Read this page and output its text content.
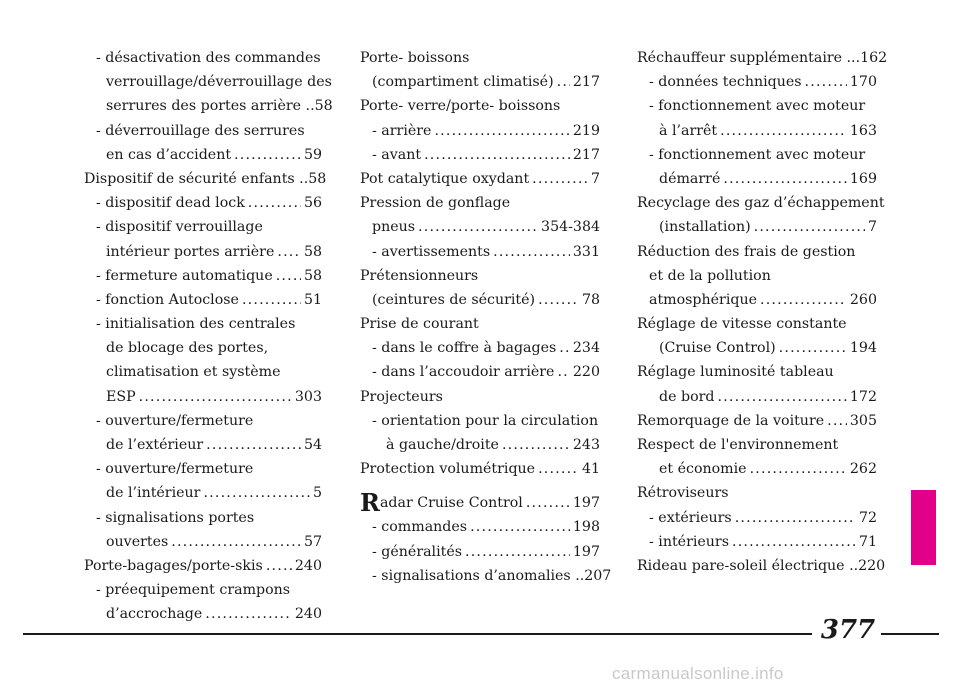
- désactivation des commandes
verrouillage/déverrouillage des
serrures des portes arrière .. 58
- déverrouillage des serrures
en cas d’accident .....	59
Dispositif de sécurité enfants .. 58
- dispositif dead lock .....	56
- dispositif verrouillage
intérieur portes arrière ..... 58
- fermeture automatique ..... 58
- fonction Autoclose .....	51
- initialisation des centrales
de blocage des portes,
climatisation et système
ESP .....	303
- ouverture/fermeture
de l’extérieur .....	54
- ouverture/fermeture
de l’intérieur .....	5
- signalisations portes
ouvertes .....	57
Porte-bagages/porte-skis ..... 240
- préequipement crampons
d’accrochage .....	240
Porte- boissons
(compartiment climatisé) ..... 217
Porte- verre/porte- boissons
- arrière .....	219
- avant .....	217
Pot catalytique oxydant .....	7
Pression de gonflage
pneus .....	354-384
- avertissements .....	331
Prétensionneurs
(ceintures de sécurité) .....	78
Prise de courant
- dans le coffre à bagages ..... 234
- dans l’accoudoir arrière ..... 220
Projecteurs
- orientation pour la circulation
à gauche/droite .....	243
Protection volumétrique .....	41
R adar Cruise Control .....	197
- commandes .....	198
- généralités .....	197
- signalisations d’anomalies .. 207
Réchauffeur supplémentaire ... 162
- données techniques .....	170
- fonctionnement avec moteur
à l’arrêt .....	163
- fonctionnement avec moteur
démarré .....	169
Recyclage des gaz d’échappement
(installation) .....	7
Réduction des frais de gestion
et de la pollution
atmosphérique .....	260
Réglage de vitesse constante
(Cruise Control) .....	194
Réglage luminosité tableau
de bord .....	172
Remorquage de la voiture ..... 305
Respect de l'environnement
et économie .....	262
Rétroviseurs
- extérieurs .....	72
- intérieurs .....	71
Rideau pare-soleil électrique .. 220
377
carmanualsonline.info
